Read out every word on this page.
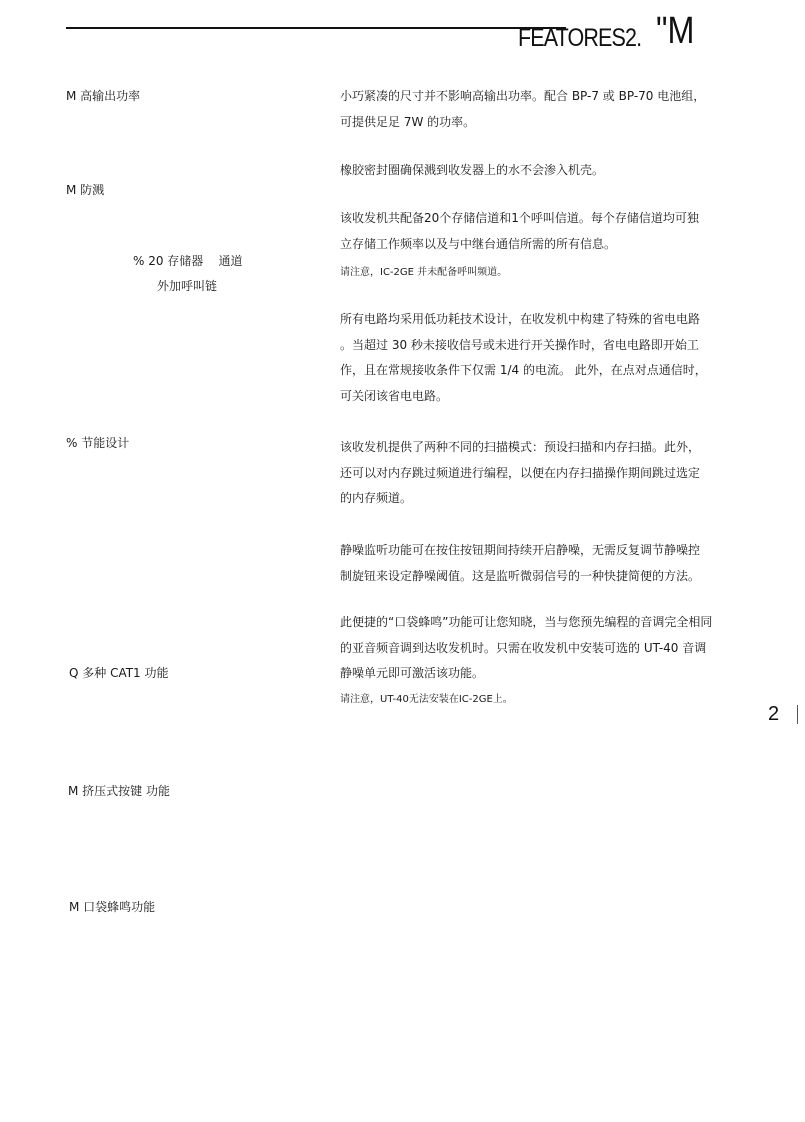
FEATORES2. "M
M 高输出功率
M 防溅
% 20 存储器    通道
外加呼叫链
% 节能设计
Q 多种 CAT1 功能
M 挤压式按键 功能
M 口袋蜂鸣功能

小巧紧凑的尺寸并不影响高输出功率。配合 BP-7 或 BP-70 电池组，

可提供足足 7W 的功率。

橡胶密封圈确保溅到收发器上的水不会渗入机壳。

该收发机共配备20个存储信道和1个呼叫信道。每个存储信道均可独

立存储工作频率以及与中继台通信所需的所有信息。

请注意，IC-2GE 并未配备呼叫频道。

所有电路均采用低功耗技术设计，在收发机中构建了特殊的省电电路

。当超过 30 秒未接收信号或未进行开关操作时，省电电路即开始工

作，且在常规接收条件下仅需 1/4 的电流。 此外，在点对点通信时，

可关闭该省电电路。

该收发机提供了两种不同的扫描模式：预设扫描和内存扫描。此外，

还可以对内存跳过频道进行编程，以便在内存扫描操作期间跳过选定

的内存频道。

静噪监听功能可在按住按钮期间持续开启静噪，无需反复调节静噪控

制旋钮来设定静噪阈值。这是监听微弱信号的一种快捷简便的方法。

此便捷的“口袋蜂鸣”功能可让您知晓，当与您预先编程的音调完全相同

的亚音频音调到达收发机时。只需在收发机中安装可选的 UT-40 音调

静噪单元即可激活该功能。

请注意，UT-40无法安装在IC-2GE上。
2
